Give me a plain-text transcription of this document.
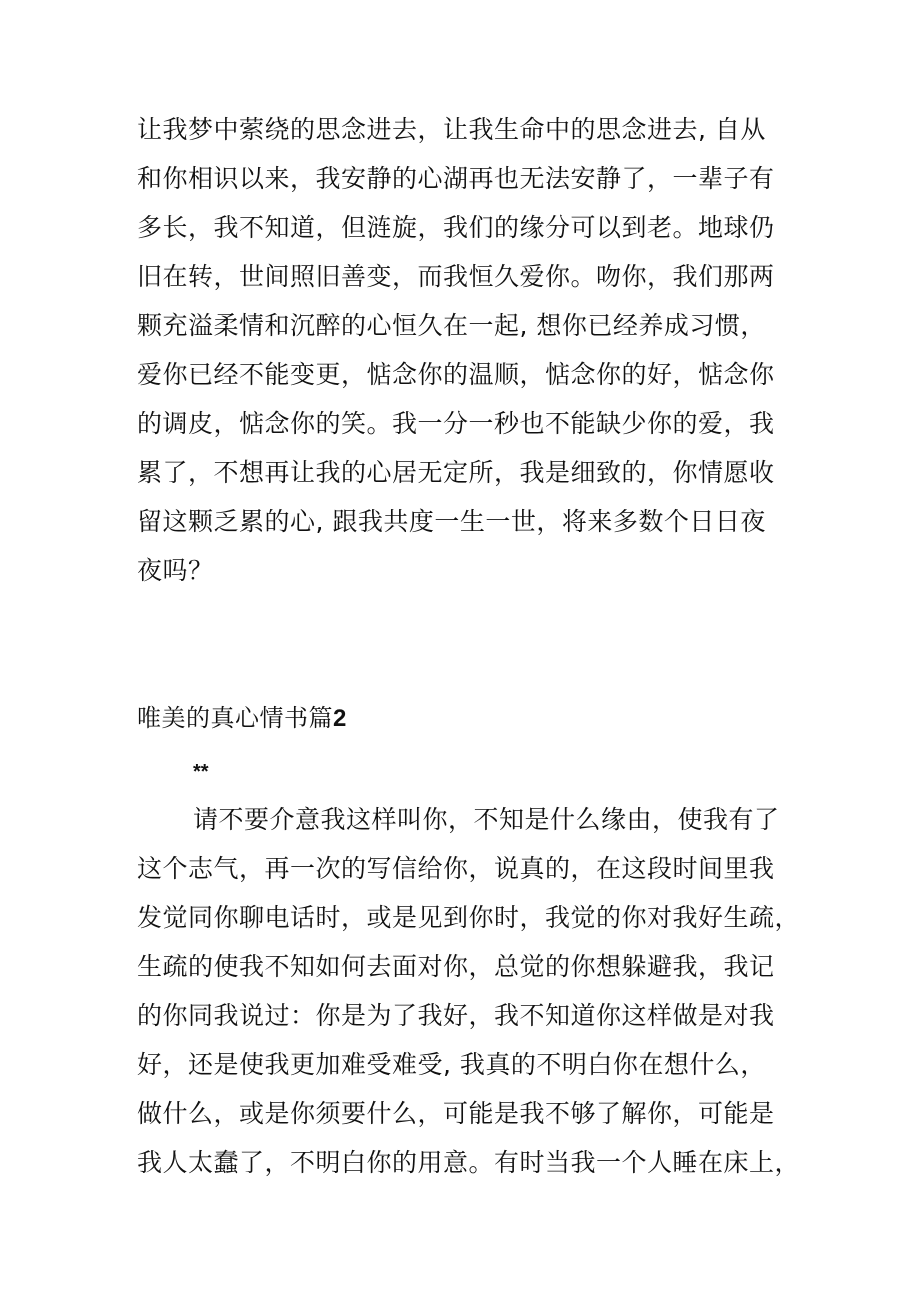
让我梦中萦绕的思念进去，让我生命中的思念进去, 自从
和你相识以来，我安静的心湖再也无法安静了，一辈子有
多长，我不知道，但涟旋，我们的缘分可以到老。地球仍
旧在转，世间照旧善变，而我恒久爱你。吻你，我们那两
颗充溢柔情和沉醉的心恒久在一起, 想你已经养成习惯，
爱你已经不能变更，惦念你的温顺，惦念你的好，惦念你
的调皮，惦念你的笑。我一分一秒也不能缺少你的爱，我
累了，不想再让我的心居无定所，我是细致的，你情愿收
留这颗乏累的心, 跟我共度一生一世，将来多数个日日夜
夜吗？
唯美的真心情书篇2
**
请不要介意我这样叫你，不知是什么缘由，使我有了
这个志气，再一次的写信给你，说真的，在这段时间里我
发觉同你聊电话时，或是见到你时，我觉的你对我好生疏，
生疏的使我不知如何去面对你，总觉的你想躲避我，我记
的你同我说过：你是为了我好，我不知道你这样做是对我
好，还是使我更加难受难受, 我真的不明白你在想什么，
做什么，或是你须要什么，可能是我不够了解你，可能是
我人太蠢了，不明白你的用意。有时当我一个人睡在床上，
